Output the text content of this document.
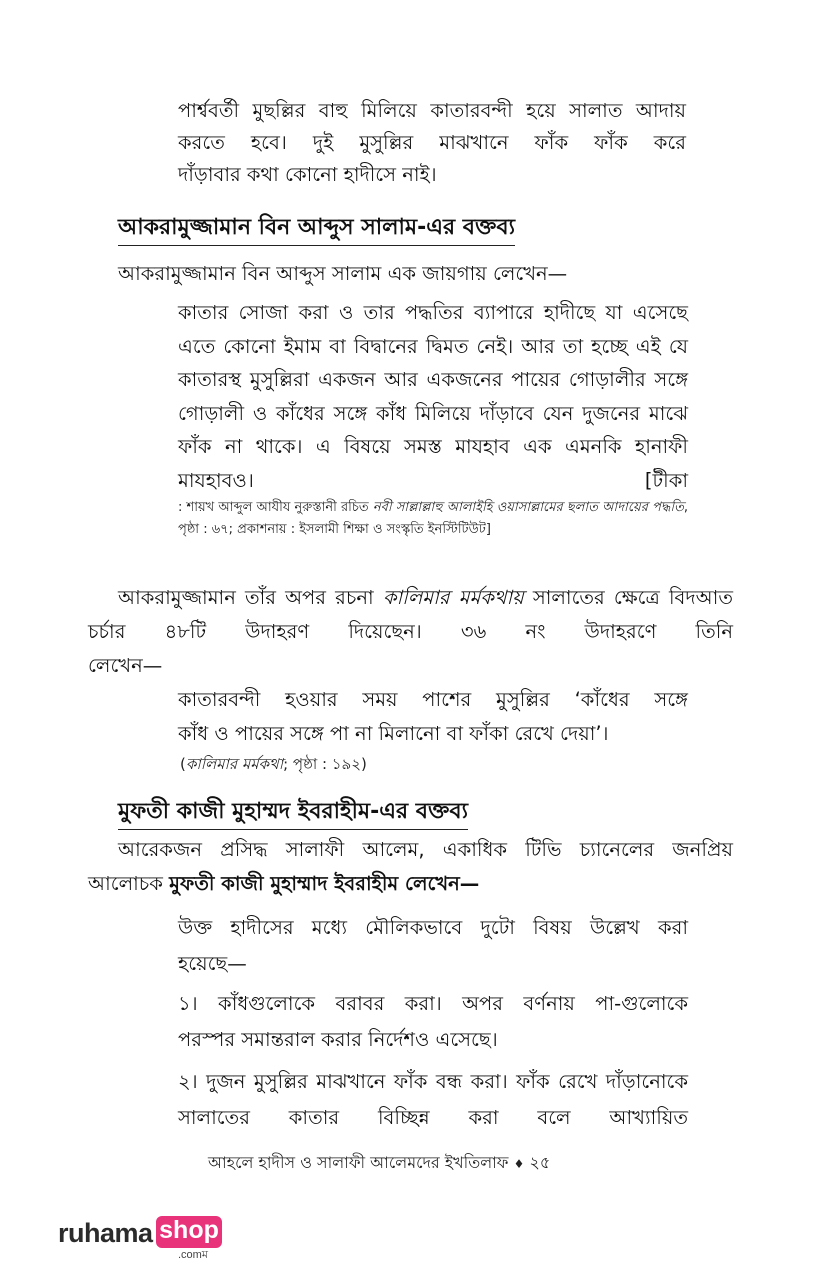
পার্শ্ববর্তী মুছল্লির বাহু মিলিয়ে কাতারবন্দী হয়ে সালাত আদায় করতে হবে। দুই মুসুল্লির মাঝখানে ফাঁক ফাঁক করে
দাঁড়াবার কথা কোনো হাদীসে নাই।

আকরামুজ্জামান বিন আব্দুস সালাম-এর বক্তব্য

আকরামুজ্জামান বিন আব্দুস সালাম এক জায়গায় লেখেন—

কাতার সোজা করা ও তার পদ্ধতির ব্যাপারে হাদীছে যা এসেছে এতে কোনো ইমাম বা বিদ্বানের দ্বিমত নেই। আর তা হচ্ছে এই যে কাতারস্থ মুসুল্লিরা একজন আর একজনের পায়ের গোড়ালীর সঙ্গে গোড়ালী ও কাঁধের সঙ্গে কাঁধ মিলিয়ে দাঁড়াবে যেন দুজনের মাঝে ফাঁক না থাকে। এ বিষয়ে সমস্ত মাযহাব এক এমনকি হানাফী মাযহাবও। [টীকা

: শায়খ আব্দুল আযীয নুরুস্তানী রচিত নবী সাল্লাল্লাহু আলাইহি ওয়াসাল্লামের ছলাত আদায়ের পদ্ধতি, পৃষ্ঠা : ৬৭; প্রকাশনায় : ইসলামী শিক্ষা ও সংস্কৃতি ইনস্টিটিউট]

আকরামুজ্জামান তাঁর অপর রচনা কালিমার মর্মকথায় সালাতের ক্ষেত্রে বিদআত চর্চার ৪৮টি উদাহরণ দিয়েছেন। ৩৬ নং উদাহরণে তিনি
লেখেন—

কাতারবন্দী হওয়ার সময় পাশের মুসুল্লির ‘কাঁধের সঙ্গে
কাঁধ ও পায়ের সঙ্গে পা না মিলানো বা ফাঁকা রেখে দেয়া’।

(কালিমার মর্মকথা; পৃষ্ঠা : ১৯২)
মুফতী কাজী মুহাম্মদ ইবরাহীম-এর বক্তব্য

আরেকজন প্রসিদ্ধ সালাফী আলেম, একাধিক টিভি চ্যানেলের জনপ্রিয়
আলোচক মুফতী কাজী মুহাম্মাদ ইবরাহীম লেখেন—

উক্ত হাদীসের মধ্যে মৌলিকভাবে দুটো বিষয় উল্লেখ করা
হয়েছে—

১। কাঁধগুলোকে বরাবর করা। অপর বর্ণনায় পা-গুলোকে
পরস্পর সমান্তরাল করার নির্দেশও এসেছে।

২। দুজন মুসুল্লির মাঝখানে ফাঁক বন্ধ করা। ফাঁক রেখে দাঁড়ানোকে সালাতের কাতার বিচ্ছিন্ন করা বলে আখ্যায়িত

আহলে হাদীস ও সালাফী আলেমদের ইখতিলাফ ♦ ২৫
ruhama shop
.comম
